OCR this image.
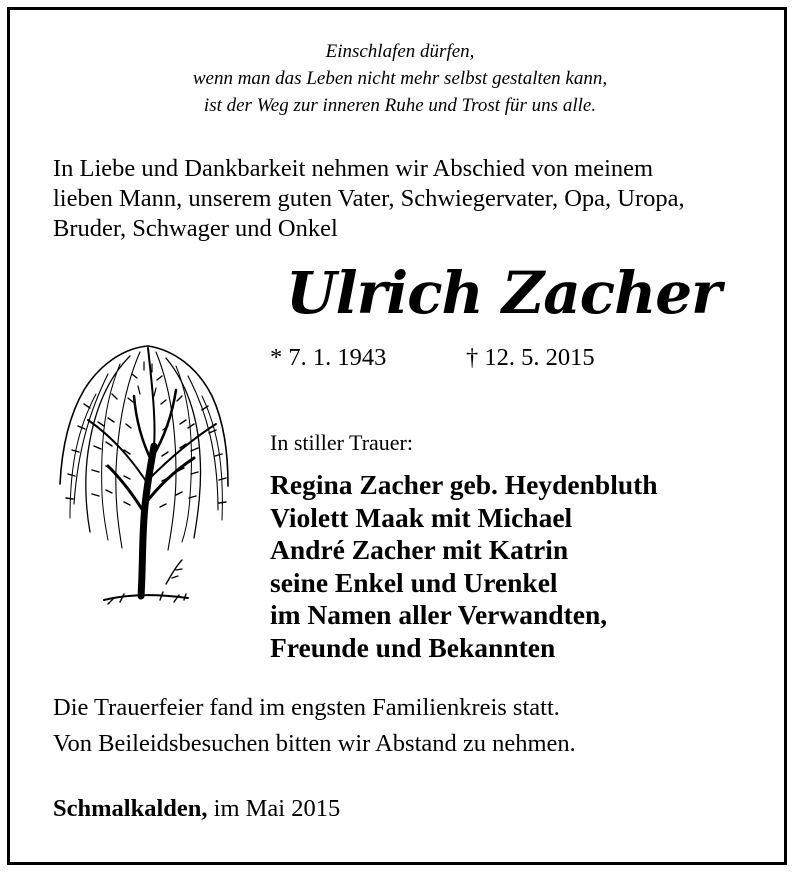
Einschlafen dürfen,
wenn man das Leben nicht mehr selbst gestalten kann,
ist der Weg zur inneren Ruhe und Trost für uns alle.
In Liebe und Dankbarkeit nehmen wir Abschied von meinem
lieben Mann, unserem guten Vater, Schwiegervater, Opa, Uropa,
Bruder, Schwager und Onkel
Ulrich Zacher
* 7. 1. 1943	† 12. 5. 2015
In stiller Trauer:
Regina Zacher geb. Heydenbluth
Violett Maak mit Michael
André Zacher mit Katrin
seine Enkel und Urenkel
im Namen aller Verwandten,
Freunde und Bekannten
Die Trauerfeier fand im engsten Familienkreis statt.
Von Beileidsbesuchen bitten wir Abstand zu nehmen.
Schmalkalden, im Mai 2015
